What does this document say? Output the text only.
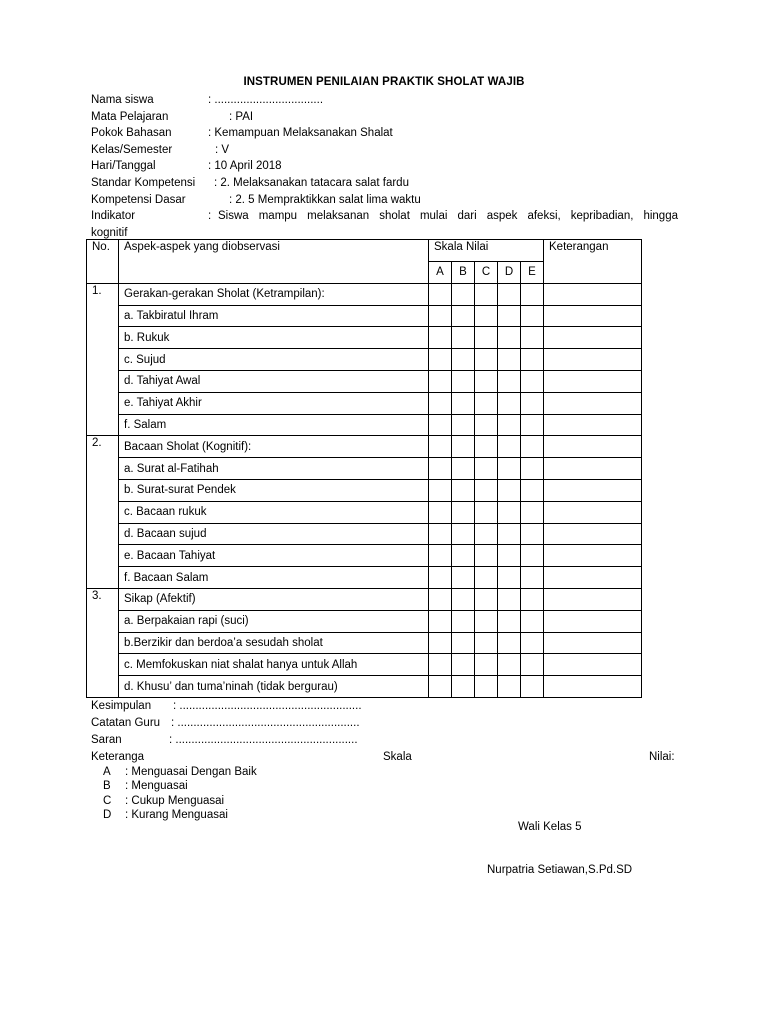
INSTRUMEN PENILAIAN PRAKTIK SHOLAT WAJIB
Nama siswa	: ..................................
Mata Pelajaran	: PAI
Pokok Bahasan	: Kemampuan Melaksanakan Shalat
Kelas/Semester	: V
Hari/Tanggal	: 10 April 2018
Standar Kompetensi : 2. Melaksanakan tatacara salat fardu
Kompetensi Dasar	: 2. 5 Mempraktikkan salat lima waktu
Indikator	: Siswa mampu melaksanan sholat mulai dari aspek afeksi, kepribadian, hingga
kognitif
No.	Aspek-aspek yang diobservasi	Skala Nilai					Keterangan
		A	B	C	D	E	
1.	Gerakan-gerakan Sholat (Ketrampilan):						
	a. Takbiratul Ihram						
	b. Rukuk						
	c. Sujud						
	d. Tahiyat Awal						
	e. Tahiyat Akhir						
	f. Salam						
2.	Bacaan Sholat (Kognitif):						
	a. Surat al-Fatihah						
	b. Surat-surat Pendek						
	c. Bacaan rukuk						
	d. Bacaan sujud						
	e. Bacaan Tahiyat						
	f. Bacaan Salam						
3.	Sikap (Afektif)						
	a. Berpakaian rapi (suci)						
	b.Berzikir dan berdoa’a sesudah sholat						
	c. Memfokuskan niat shalat hanya untuk Allah						
	d. Khusu’ dan tuma’ninah (tidak bergurau)						
Kesimpulan : .........................................................
Catatan Guru : .........................................................
Saran	: .........................................................
Keteranga	Skala	Nilai:
A : Menguasai Dengan Baik
B : Menguasai
C : Cukup Menguasai
D : Kurang Menguasai
Wali Kelas 5
Nurpatria Setiawan,S.Pd.SD
